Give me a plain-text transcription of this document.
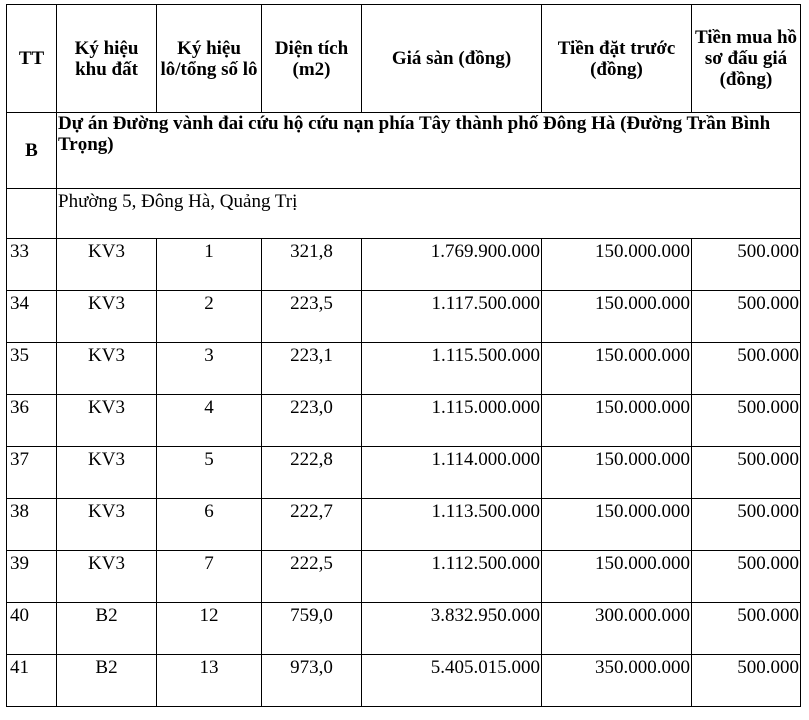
TT	Ký hiệu khu đất	Ký hiệu lô/tổng số lô	Diện tích (m2)	Giá sàn (đồng)	Tiền đặt trước (đồng)	Tiền mua hồ sơ đấu giá (đồng)

B	Dự án Đường vành đai cứu hộ cứu nạn phía Tây thành phố Đông Hà (Đường Trần Bình Trọng)					

	Phường 5, Đông Hà, Quảng Trị					

33	KV3	1	321,8	1.769.900.000	150.000.000	500.000

34	KV3	2	223,5	1.117.500.000	150.000.000	500.000

35	KV3	3	223,1	1.115.500.000	150.000.000	500.000

36	KV3	4	223,0	1.115.000.000	150.000.000	500.000

37	KV3	5	222,8	1.114.000.000	150.000.000	500.000

38	KV3	6	222,7	1.113.500.000	150.000.000	500.000

39	KV3	7	222,5	1.112.500.000	150.000.000	500.000

40	B2	12	759,0	3.832.950.000	300.000.000	500.000

41	B2	13	973,0	5.405.015.000	350.000.000	500.000
